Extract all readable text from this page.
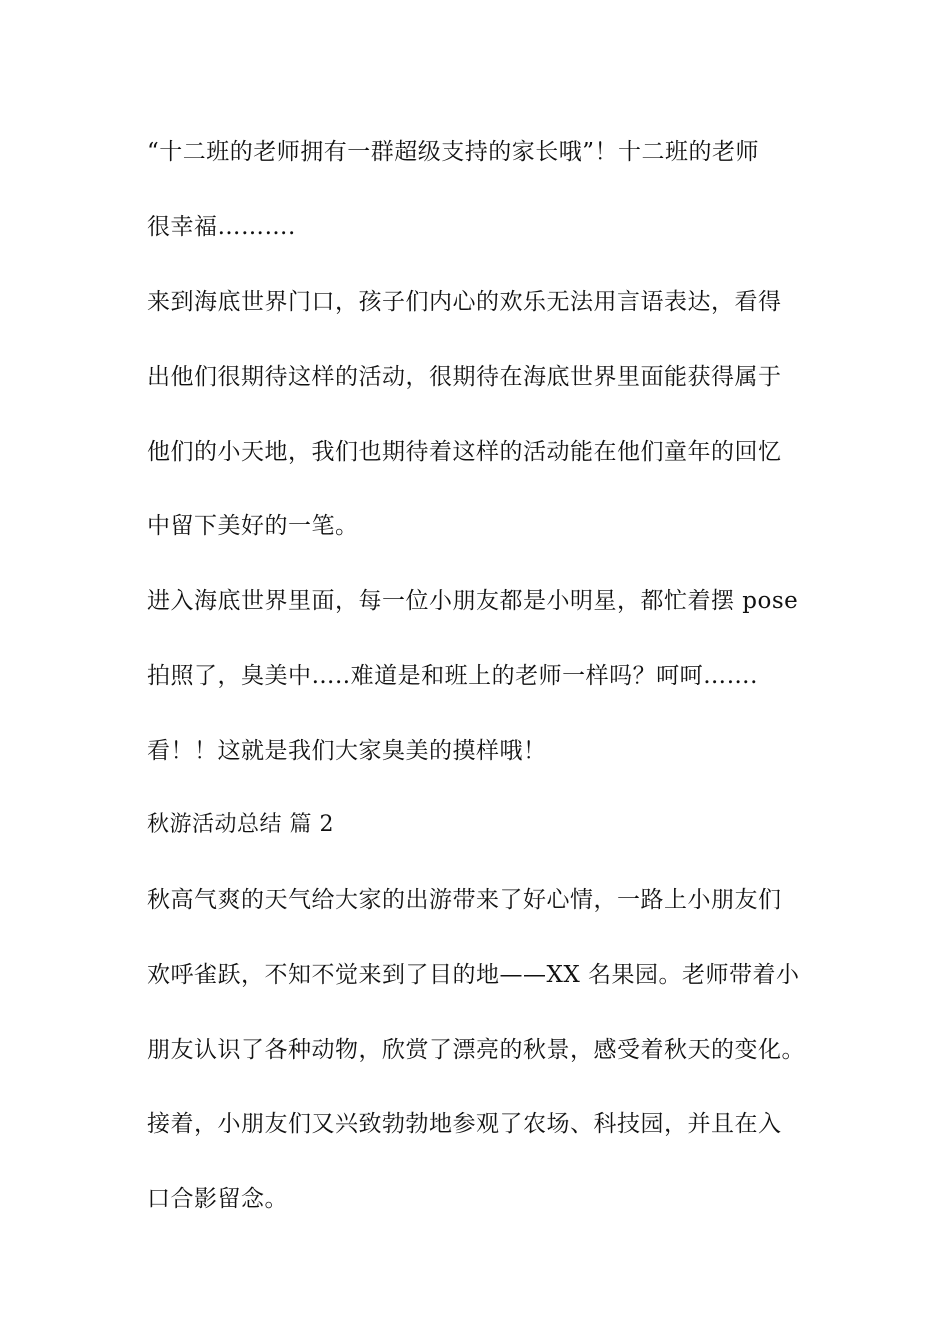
“十二班的老师拥有一群超级支持的家长哦”！十二班的老师
很幸福……….
来到海底世界门口，孩子们内心的欢乐无法用言语表达，看得
出他们很期待这样的活动，很期待在海底世界里面能获得属于
他们的小天地，我们也期待着这样的活动能在他们童年的回忆
中留下美好的一笔。
进入海底世界里面，每一位小朋友都是小明星，都忙着摆 pose
拍照了，臭美中…..难道是和班上的老师一样吗？呵呵…….
看！！这就是我们大家臭美的摸样哦！
秋游活动总结 篇 2
秋高气爽的天气给大家的出游带来了好心情，一路上小朋友们
欢呼雀跃，不知不觉来到了目的地——XX 名果园。老师带着小
朋友认识了各种动物，欣赏了漂亮的秋景，感受着秋天的变化。
接着，小朋友们又兴致勃勃地参观了农场、科技园，并且在入
口合影留念。
